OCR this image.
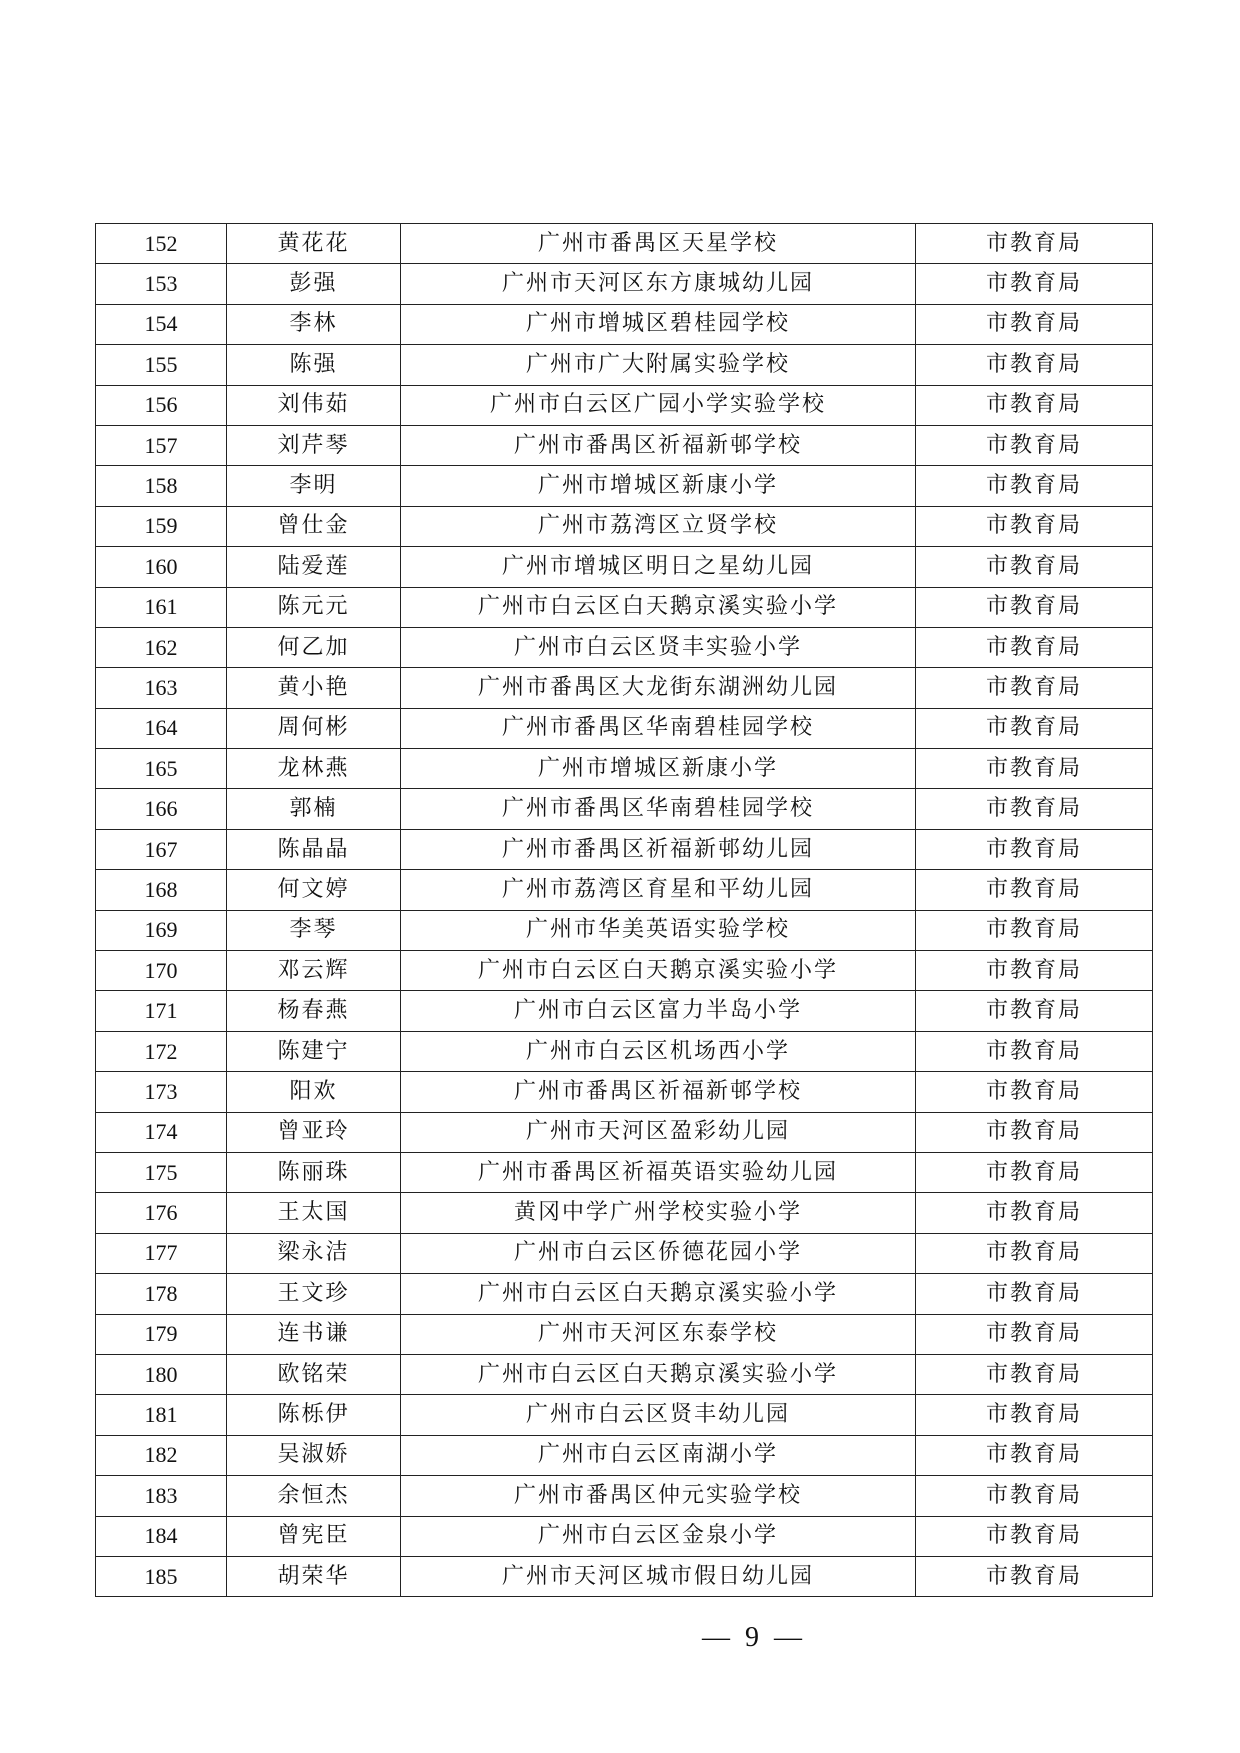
152	黄花花	广州市番禺区天星学校	市教育局
153	彭强	广州市天河区东方康城幼儿园	市教育局
154	李林	广州市增城区碧桂园学校	市教育局
155	陈强	广州市广大附属实验学校	市教育局
156	刘伟茹	广州市白云区广园小学实验学校	市教育局
157	刘芹琴	广州市番禺区祈福新邨学校	市教育局
158	李明	广州市增城区新康小学	市教育局
159	曾仕金	广州市荔湾区立贤学校	市教育局
160	陆爱莲	广州市增城区明日之星幼儿园	市教育局
161	陈元元	广州市白云区白天鹅京溪实验小学	市教育局
162	何乙加	广州市白云区贤丰实验小学	市教育局
163	黄小艳	广州市番禺区大龙街东湖洲幼儿园	市教育局
164	周何彬	广州市番禺区华南碧桂园学校	市教育局
165	龙林燕	广州市增城区新康小学	市教育局
166	郭楠	广州市番禺区华南碧桂园学校	市教育局
167	陈晶晶	广州市番禺区祈福新邨幼儿园	市教育局
168	何文婷	广州市荔湾区育星和平幼儿园	市教育局
169	李琴	广州市华美英语实验学校	市教育局
170	邓云辉	广州市白云区白天鹅京溪实验小学	市教育局
171	杨春燕	广州市白云区富力半岛小学	市教育局
172	陈建宁	广州市白云区机场西小学	市教育局
173	阳欢	广州市番禺区祈福新邨学校	市教育局
174	曾亚玲	广州市天河区盈彩幼儿园	市教育局
175	陈丽珠	广州市番禺区祈福英语实验幼儿园	市教育局
176	王太国	黄冈中学广州学校实验小学	市教育局
177	梁永洁	广州市白云区侨德花园小学	市教育局
178	王文珍	广州市白云区白天鹅京溪实验小学	市教育局
179	连书谦	广州市天河区东泰学校	市教育局
180	欧铭荣	广州市白云区白天鹅京溪实验小学	市教育局
181	陈栎伊	广州市白云区贤丰幼儿园	市教育局
182	吴淑娇	广州市白云区南湖小学	市教育局
183	余恒杰	广州市番禺区仲元实验学校	市教育局
184	曾宪臣	广州市白云区金泉小学	市教育局
185	胡荣华	广州市天河区城市假日幼儿园	市教育局
— 9 —
